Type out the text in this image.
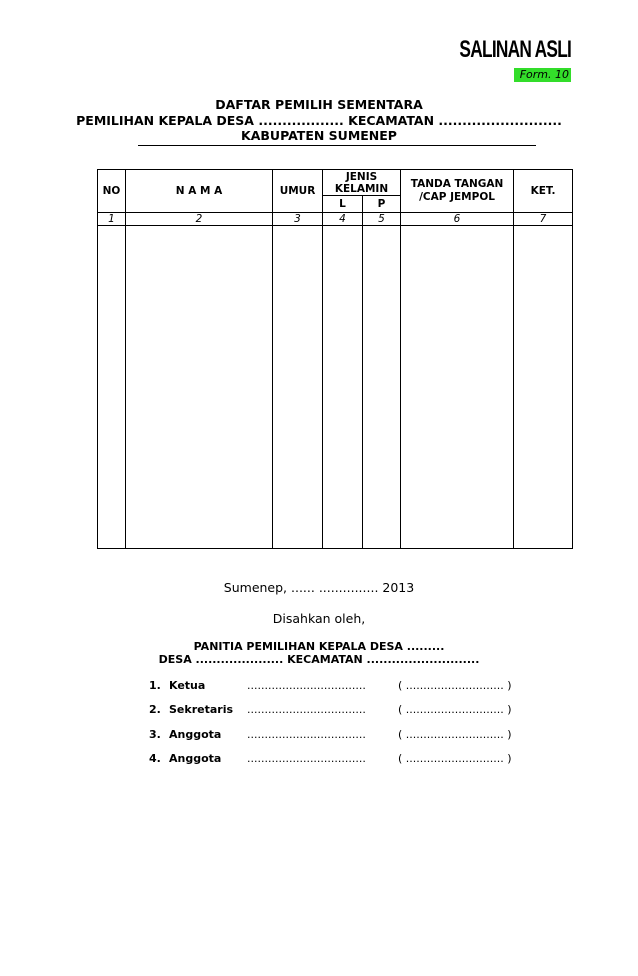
SALINAN ASLI
Form. 10
DAFTAR PEMILIH SEMENTARA
PEMILIHAN KEPALA DESA .................. KECAMATAN ..........................
KABUPATEN SUMENEP
NO	N A M A	UMUR	JENIS KELAMIN		TANDA TANGAN /CAP JEMPOL	KET.
			L	P		
1	2	3	4	5	6	7

Sumenep, ...... ............... 2013
Disahkan oleh,
PANITIA PEMILIHAN KEPALA DESA .........
DESA ..................... KECAMATAN ...........................
1. Ketua	..................................	( ............................ )
2. Sekretaris ..................................	( ............................ )
3. Anggota ..................................	( ............................ )
4. Anggota ..................................	( ............................ )
